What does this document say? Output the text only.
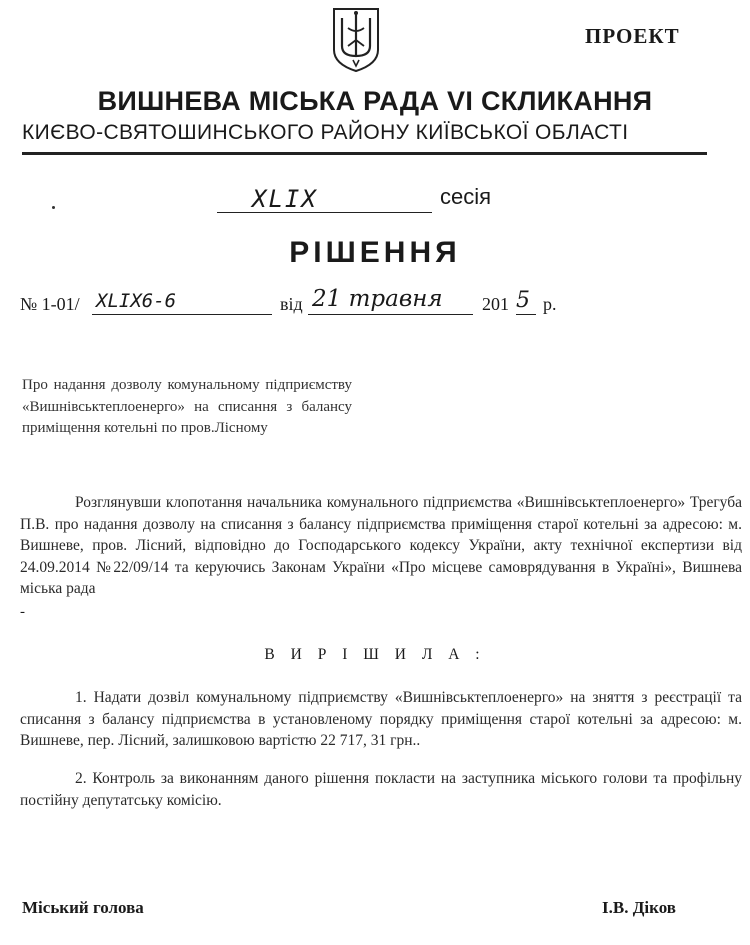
ПРОЕКТ
ВИШНЕВА МІСЬКА РАДА VI СКЛИКАННЯ
КИЄВО-СВЯТОШИНСЬКОГО РАЙОНУ КИЇВСЬКОЇ ОБЛАСТІ
XLIX	сесія
РІШЕННЯ
№ 1-01/ XLIX6-6	від 21 травня 201 5 р.
Про надання дозволу комунальному підприємству «Вишнівськтеплоенерго» на списання з балансу приміщення котельні по пров.Лісному
Розглянувши клопотання начальника комунального підприємства «Вишнівськтеплоенерго» Трегуба П.В. про надання дозволу на списання з балансу підприємства приміщення старої котельні за адресою: м. Вишневе, пров. Лісний, відповідно до Господарського кодексу України, акту технічної експертизи від 24.09.2014 №22/09/14 та керуючись Законам України «Про місцеве самоврядування в Україні», Вишнева міська рада
-
В И Р І Ш И Л А :
1. Надати дозвіл комунальному підприємству «Вишнівськтеплоенерго» на зняття з реєстрації та списання з балансу підприємства в установленому порядку приміщення старої котельні за адресою: м. Вишневе, пер. Лісний, залишковою вартістю 22 717, 31 грн..
2. Контроль за виконанням даного рішення покласти на заступника міського голови та профільну постійну депутатську комісію.
Міський голова	І.В. Діков
